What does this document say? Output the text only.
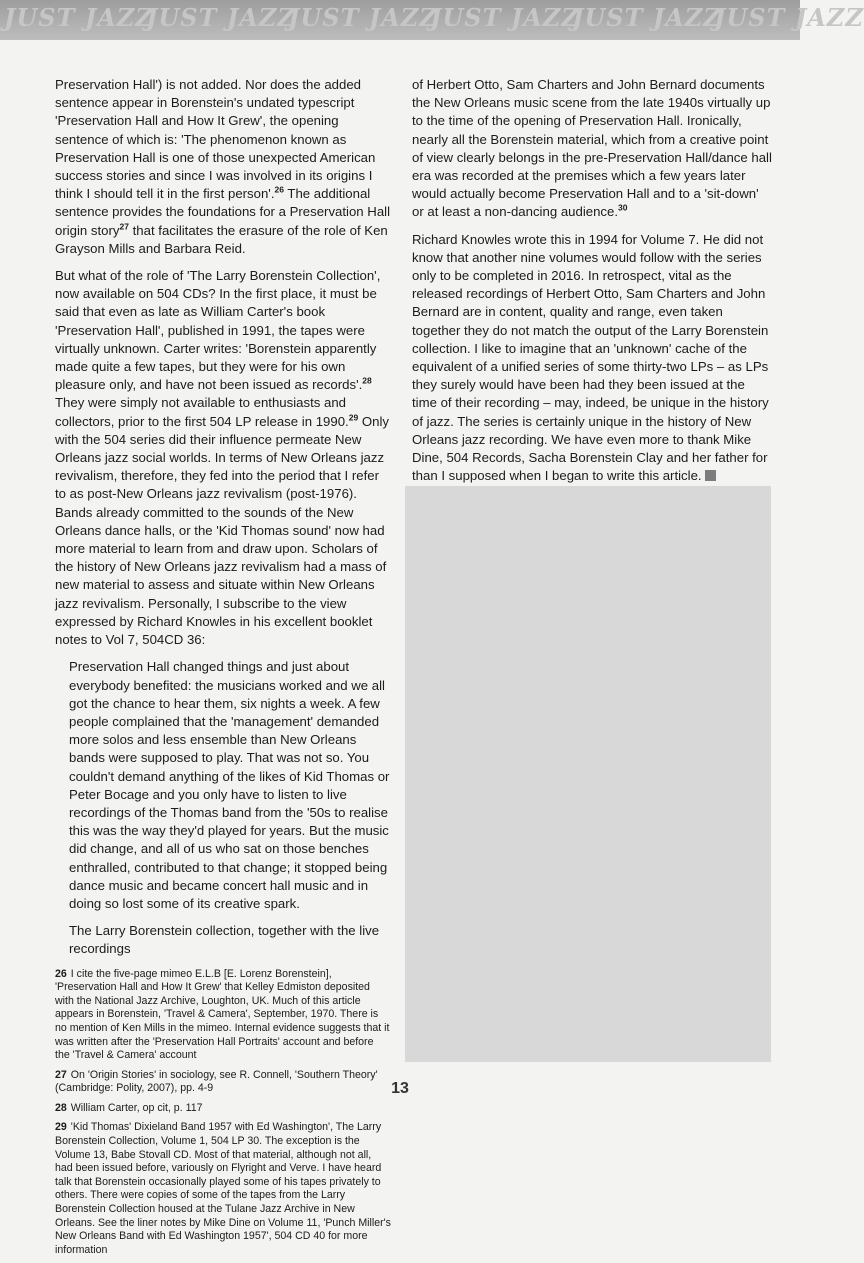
JUST JAZZ
JUST JAZZ
JUST JAZZ
JUST JAZZ
JUST JAZZ
JUST JAZZ

Preservation Hall') is not added. Nor does the added sentence appear in Borenstein's undated typescript 'Preservation Hall and How It Grew', the opening sentence of which is: 'The phenomenon known as Preservation Hall is one of those unexpected American success stories and since I was involved in its origins I think I should tell it in the first person'.$^{26}$ The additional sentence provides the foundations for a Preservation Hall origin story$^{27}$ that facilitates the erasure of the role of Ken Grayson Mills and Barbara Reid.

But what of the role of 'The Larry Borenstein Collection', now available on 504 CDs? In the first place, it must be said that even as late as William Carter's book 'Preservation Hall', published in 1991, the tapes were virtually unknown. Carter writes: 'Borenstein apparently made quite a few tapes, but they were for his own pleasure only, and have not been issued as records'.$^{28}$ They were simply not available to enthusiasts and collectors, prior to the first 504 LP release in 1990.29 Only with the 504 series did their influence permeate New Orleans jazz social worlds. In terms of New Orleans jazz revivalism, therefore, they fed into the period that I refer to as post-New Orleans jazz revivalism (post-1976). Bands already committed to the sounds of the New Orleans dance halls, or the 'Kid Thomas sound' now had more material to learn from and draw upon. Scholars of the history of New Orleans jazz revivalism had a mass of new material to assess and situate within New Orleans jazz revivalism. Personally, I subscribe to the view expressed by Richard Knowles in his excellent booklet notes to Vol 7, 504CD 36:

Preservation Hall changed things and just about everybody benefited: the musicians worked and we all got the chance to hear them, six nights a week. A few people complained that the 'management' demanded more solos and less ensemble than New Orleans bands were supposed to play. That was not so. You couldn't demand anything of the likes of Kid Thomas or Peter Bocage and you only have to listen to live recordings of the Thomas band from the '50s to realise this was the way they'd played for years. But the music did change, and all of us who sat on those benches enthralled, contributed to that change; it stopped being dance music and became concert hall music and in doing so lost some of its creative spark.

The Larry Borenstein collection, together with the live recordings

26 I cite the five-page mimeo E.L.B [E. Lorenz Borenstein], 'Preservation Hall and How It Grew' that Kelley Edmiston deposited with the National Jazz Archive, Loughton, UK. Much of this article appears in Borenstein, 'Travel & Camera', September, 1970. There is no mention of Ken Mills in the mimeo. Internal evidence suggests that it was written after the 'Preservation Hall Portraits' account and before the 'Travel & Camera' account

27 On 'Origin Stories' in sociology, see R. Connell, 'Southern Theory' (Cambridge: Polity, 2007), pp. 4-9

28 William Carter, op cit, p. 117

29 'Kid Thomas' Dixieland Band 1957 with Ed Washington', The Larry Borenstein Collection, Volume 1, 504 LP 30. The exception is the Volume 13, Babe Stovall CD. Most of that material, although not all, had been issued before, variously on Flyright and Verve. I have heard talk that Borenstein occasionally played some of his tapes privately to others. There were copies of some of the tapes from the Larry Borenstein Collection housed at the Tulane Jazz Archive in New Orleans. See the liner notes by Mike Dine on Volume 11, 'Punch Miller's New Orleans Band with Ed Washington 1957', 504 CD 40 for more information

of Herbert Otto, Sam Charters and John Bernard documents the New Orleans music scene from the late 1940s virtually up to the time of the opening of Preservation Hall. Ironically, nearly all the Borenstein material, which from a creative point of view clearly belongs in the pre-Preservation Hall/dance hall era was recorded at the premises which a few years later would actually become Preservation Hall and to a 'sit-down' or at least a non-dancing audience.$^{30}$

Richard Knowles wrote this in 1994 for Volume 7. He did not know that another nine volumes would follow with the series only to be completed in 2016. In retrospect, vital as the released recordings of Herbert Otto, Sam Charters and John Bernard are in content, quality and range, even taken together they do not match the output of the Larry Borenstein collection. I like to imagine that an 'unknown' cache of the equivalent of a unified series of some thirty-two LPs – as LPs they surely would have been had they been issued at the time of their recording – may, indeed, be unique in the history of jazz. The series is certainly unique in the history of New Orleans jazz recording. We have even more to thank Mike Dine, 504 Records, Sacha Borenstein Clay and her father for than I supposed when I began to write this article.

13
